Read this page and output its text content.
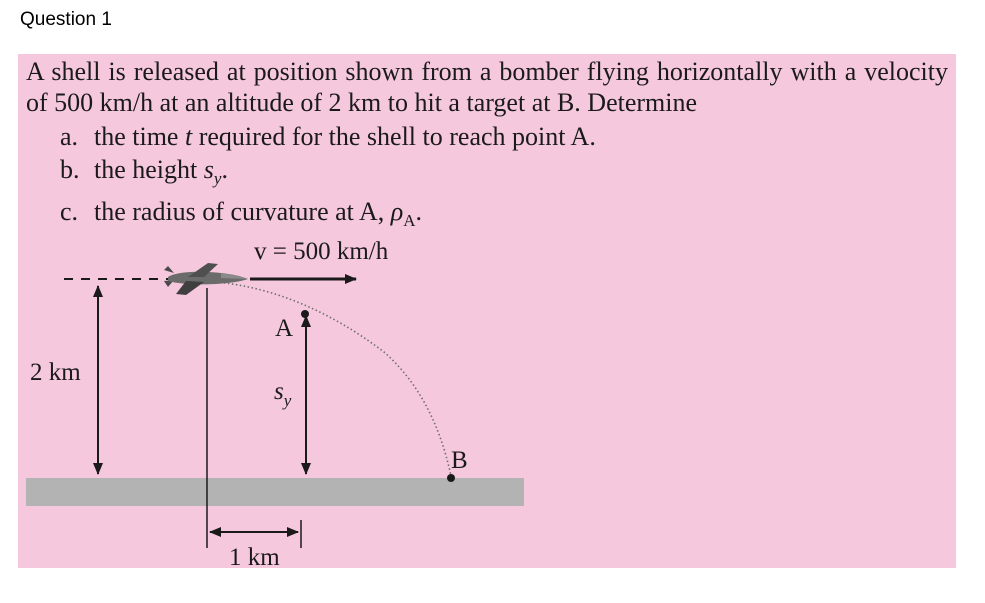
Question 1
A shell is released at position shown from a bomber flying horizontally with a velocity of 500 km/h at an altitude of 2 km to hit a target at B. Determine
a. the time t required for the shell to reach point A.
b. the height $s_y$.
c. the radius of curvature at A, $\rho_A$.
v = 500 km/h
2 km
A
$s_y$
B
1 km
